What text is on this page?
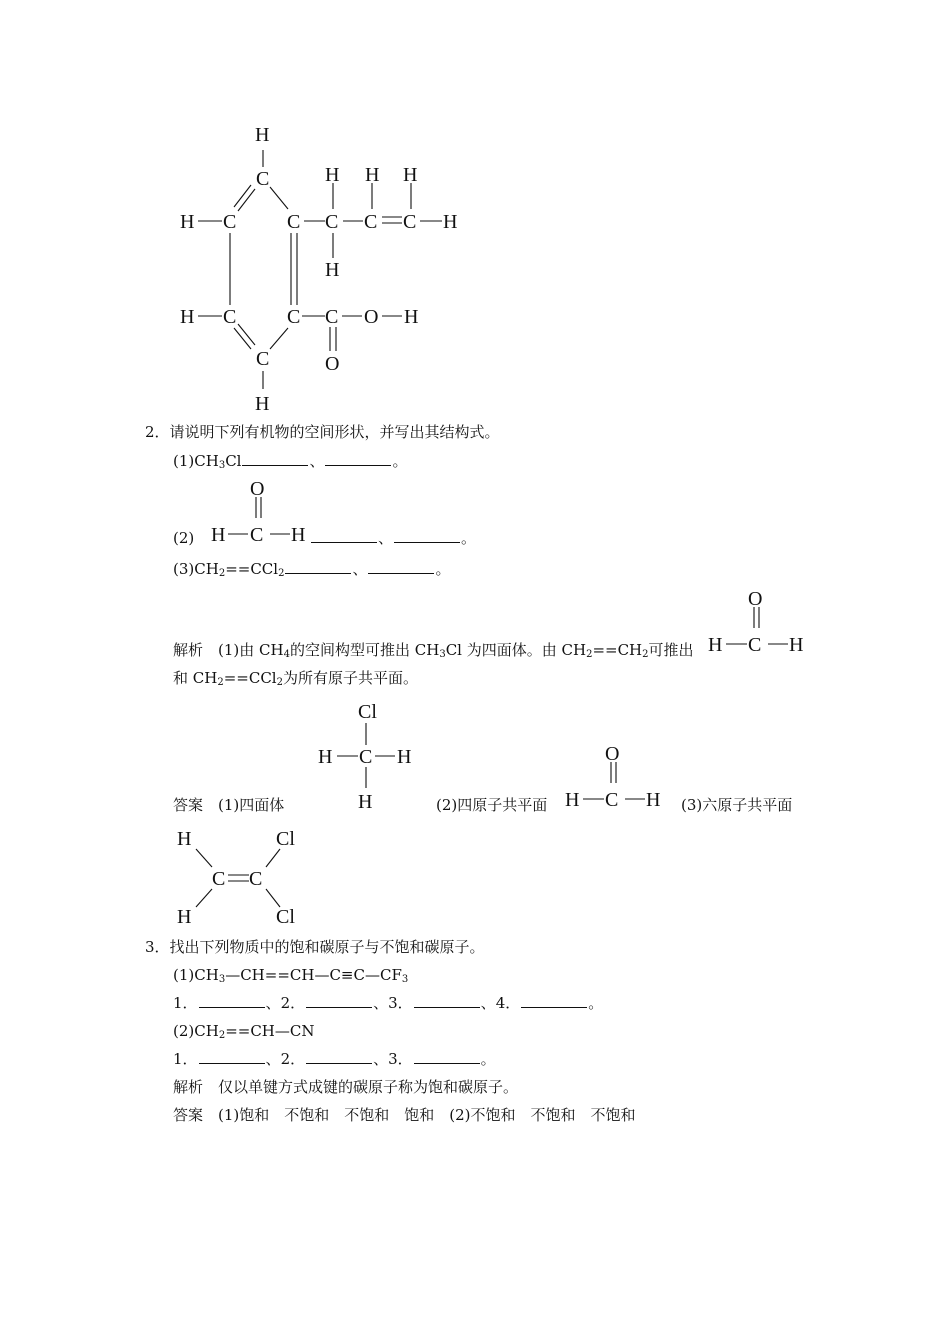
H
C	H H H
H C	C C C C H
H
H C	C C O H
C	O
H
2．请说明下列有机物的空间形状，并写出其结构式。
$(1)CH_3Cl$	、	。
(2)
O
H C H	、	。
$(3)CH_2==CCl_2$	、	。
解析　 (1)由 $CH_4$的空间构型可推出 $CH_3Cl$ 为四面体。由 $CH_2==CH_2$可推出
O
H C H
和 $CH_2==CCl_2$为所有原子共平面。
答案　 (1)四面体
Cl
H C H
H	(2)四原子共平面
O
H C H (3)六原子共平面
H	Cl
C C
H	Cl
3．找出下列物质中的饱和碳原子与不饱和碳原子。
$(1)CH_3—CH==CH—C\equiv C—CF_3$
1．	、2．	、3．	、4．	。
$(2)CH_2==CH—CN$
1．	、2．	、3．	。
解析　 仅以单键方式成键的碳原子称为饱和碳原子。
答案　 (1)饱和　不饱和　不饱和　饱和　(2)不饱和　不饱和　不饱和
